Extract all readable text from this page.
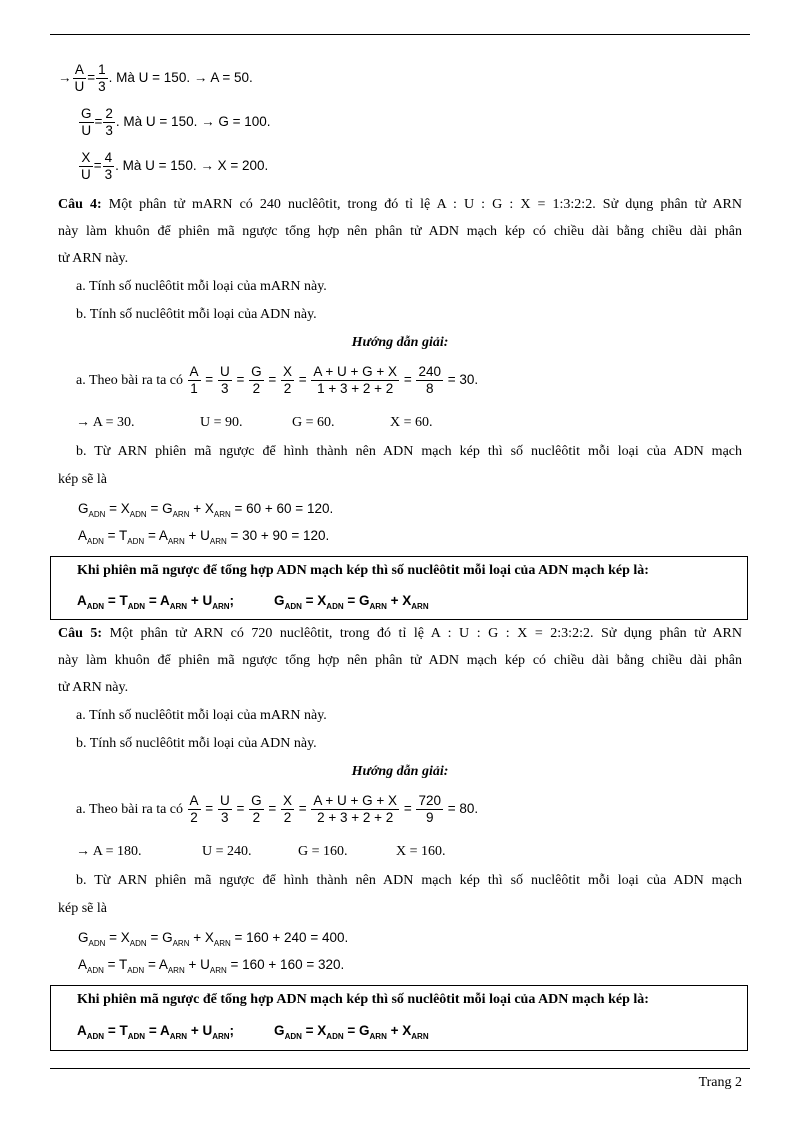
→ $\frac{A}{U} = \frac{1}{3}$ . Mà U = 150. → A = 50.
$\frac{G}{U} = \frac{2}{3}$ . Mà U = 150. → G = 100.
$\frac{X}{U} = \frac{4}{3}$ . Mà U = 150. → X = 200.
Câu 4: Một phân tử mARN có 240 nuclêôtit, trong đó tỉ lệ A : U : G : X = 1:3:2:2. Sử dụng phân tử ARN
này làm khuôn để phiên mã ngược tổng hợp nên phân tử ADN mạch kép có chiều dài bằng chiều dài phân
tử ARN này.
a. Tính số nuclêôtit mỗi loại của mARN này.
b. Tính số nuclêôtit mỗi loại của ADN này.
Hướng dẫn giải:
a. Theo bài ra ta có $\frac{A}{1} = \frac{U}{3} = \frac{G}{2} = \frac{X}{2} = \frac{A + U + G + X}{1 + 3 + 2 + 2} = \frac{240}{8} = 30$.
→ A = 30.	U = 90.	G = 60.	X = 60.
b. Từ ARN phiên mã ngược để hình thành nên ADN mạch kép thì số nuclêôtit mỗi loại của ADN mạch
kép sẽ là
$G_{ADN} = X_{ADN} = G_{ARN} + X_{ARN} = 60 + 60 = 120$.
$A_{ADN} = T_{ADN} = A_{ARN} + U_{ARN} = 30 + 90 = 120$.
Khi phiên mã ngược để tổng hợp ADN mạch kép thì số nuclêôtit mỗi loại của ADN mạch kép là:
$A_{ADN} = T_{ADN} = A_{ARN} + U_{ARN}$;	$G_{ADN} = X_{ADN} = G_{ARN} + X_{ARN}$
Câu 5: Một phân tử ARN có 720 nuclêôtit, trong đó tỉ lệ A : U : G : X = 2:3:2:2. Sử dụng phân tử ARN
này làm khuôn để phiên mã ngược tổng hợp nên phân tử ADN mạch kép có chiều dài bằng chiều dài phân
tử ARN này.
a. Tính số nuclêôtit mỗi loại của mARN này.
b. Tính số nuclêôtit mỗi loại của ADN này.
Hướng dẫn giải:
a. Theo bài ra ta có $\frac{A}{2} = \frac{U}{3} = \frac{G}{2} = \frac{X}{2} = \frac{A + U + G + X}{2 + 3 + 2 + 2} = \frac{720}{9} = 80$.
→ A = 180.	U = 240.	G = 160.	X = 160.
b. Từ ARN phiên mã ngược để hình thành nên ADN mạch kép thì số nuclêôtit mỗi loại của ADN mạch
kép sẽ là
$G_{ADN} = X_{ADN} = G_{ARN} + X_{ARN} = 160 + 240 = 400$.
$A_{ADN} = T_{ADN} = A_{ARN} + U_{ARN} = 160 + 160 = 320$.
Khi phiên mã ngược để tổng hợp ADN mạch kép thì số nuclêôtit mỗi loại của ADN mạch kép là:
$A_{ADN} = T_{ADN} = A_{ARN} + U_{ARN}$;	$G_{ADN} = X_{ADN} = G_{ARN} + X_{ARN}$
Trang 2
